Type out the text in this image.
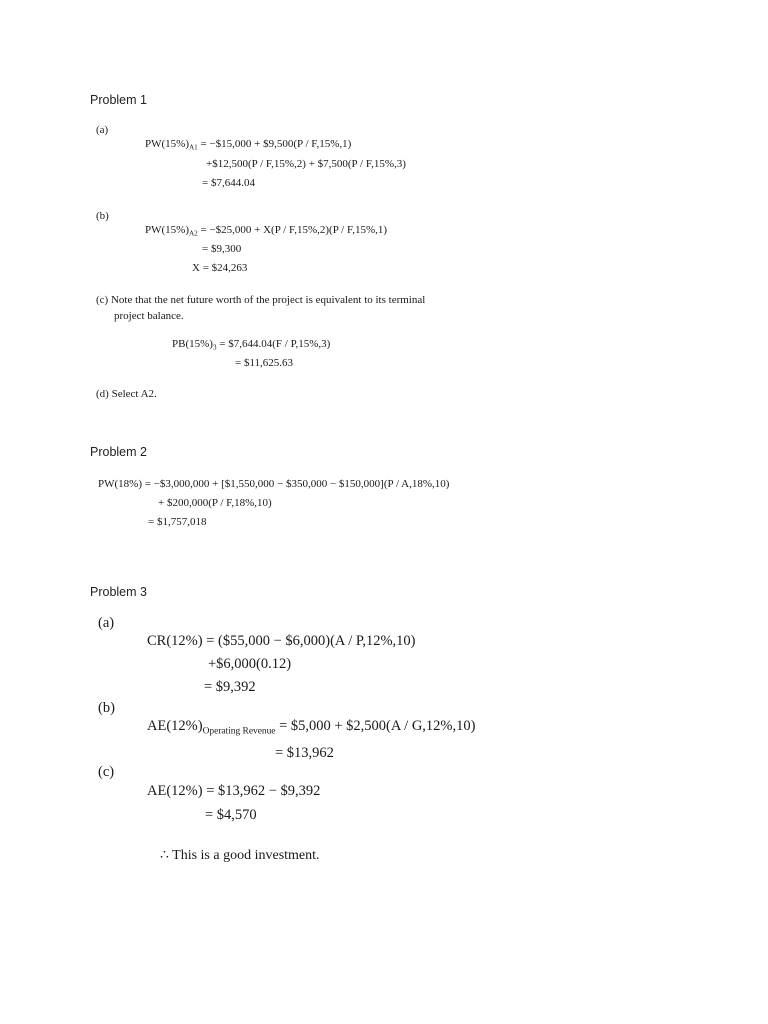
Problem 1
(a)
$PW(15\%)_{A1}$ = −$15,000 + $9,500(P / F,15%,1)
+$12,500(P / F,15%,2) + $7,500(P / F,15%,3)
= $7,644.04
(b)
$PW(15\%)_{A2}$ = −$25,000 + X(P / F,15%,2)(P / F,15%,1)
= $9,300
X = $24,263
(c) Note that the net future worth of the project is equivalent to its terminal
project balance.
$PB(15\%)_3$ = $7,644.04(F / P,15%,3)
= $11,625.63
(d) Select A2.
Problem 2
PW(18%) = −$3,000,000 + [$1,550,000 − $350,000 − $150,000](P / A,18%,10)
+ $200,000(P / F,18%,10)
= $1,757,018
Problem 3
(a)
CR(12%) = ($55,000 − $6,000)(A / P,12%,10)
+$6,000(0.12)
= $9,392
(b)
$AE(12\%)_{Operating Revenue}$ = $5,000 + $2,500(A / G,12%,10)
= $13,962
(c)
AE(12%) = $13,962 − $9,392
= $4,570
∴ This is a good investment.
